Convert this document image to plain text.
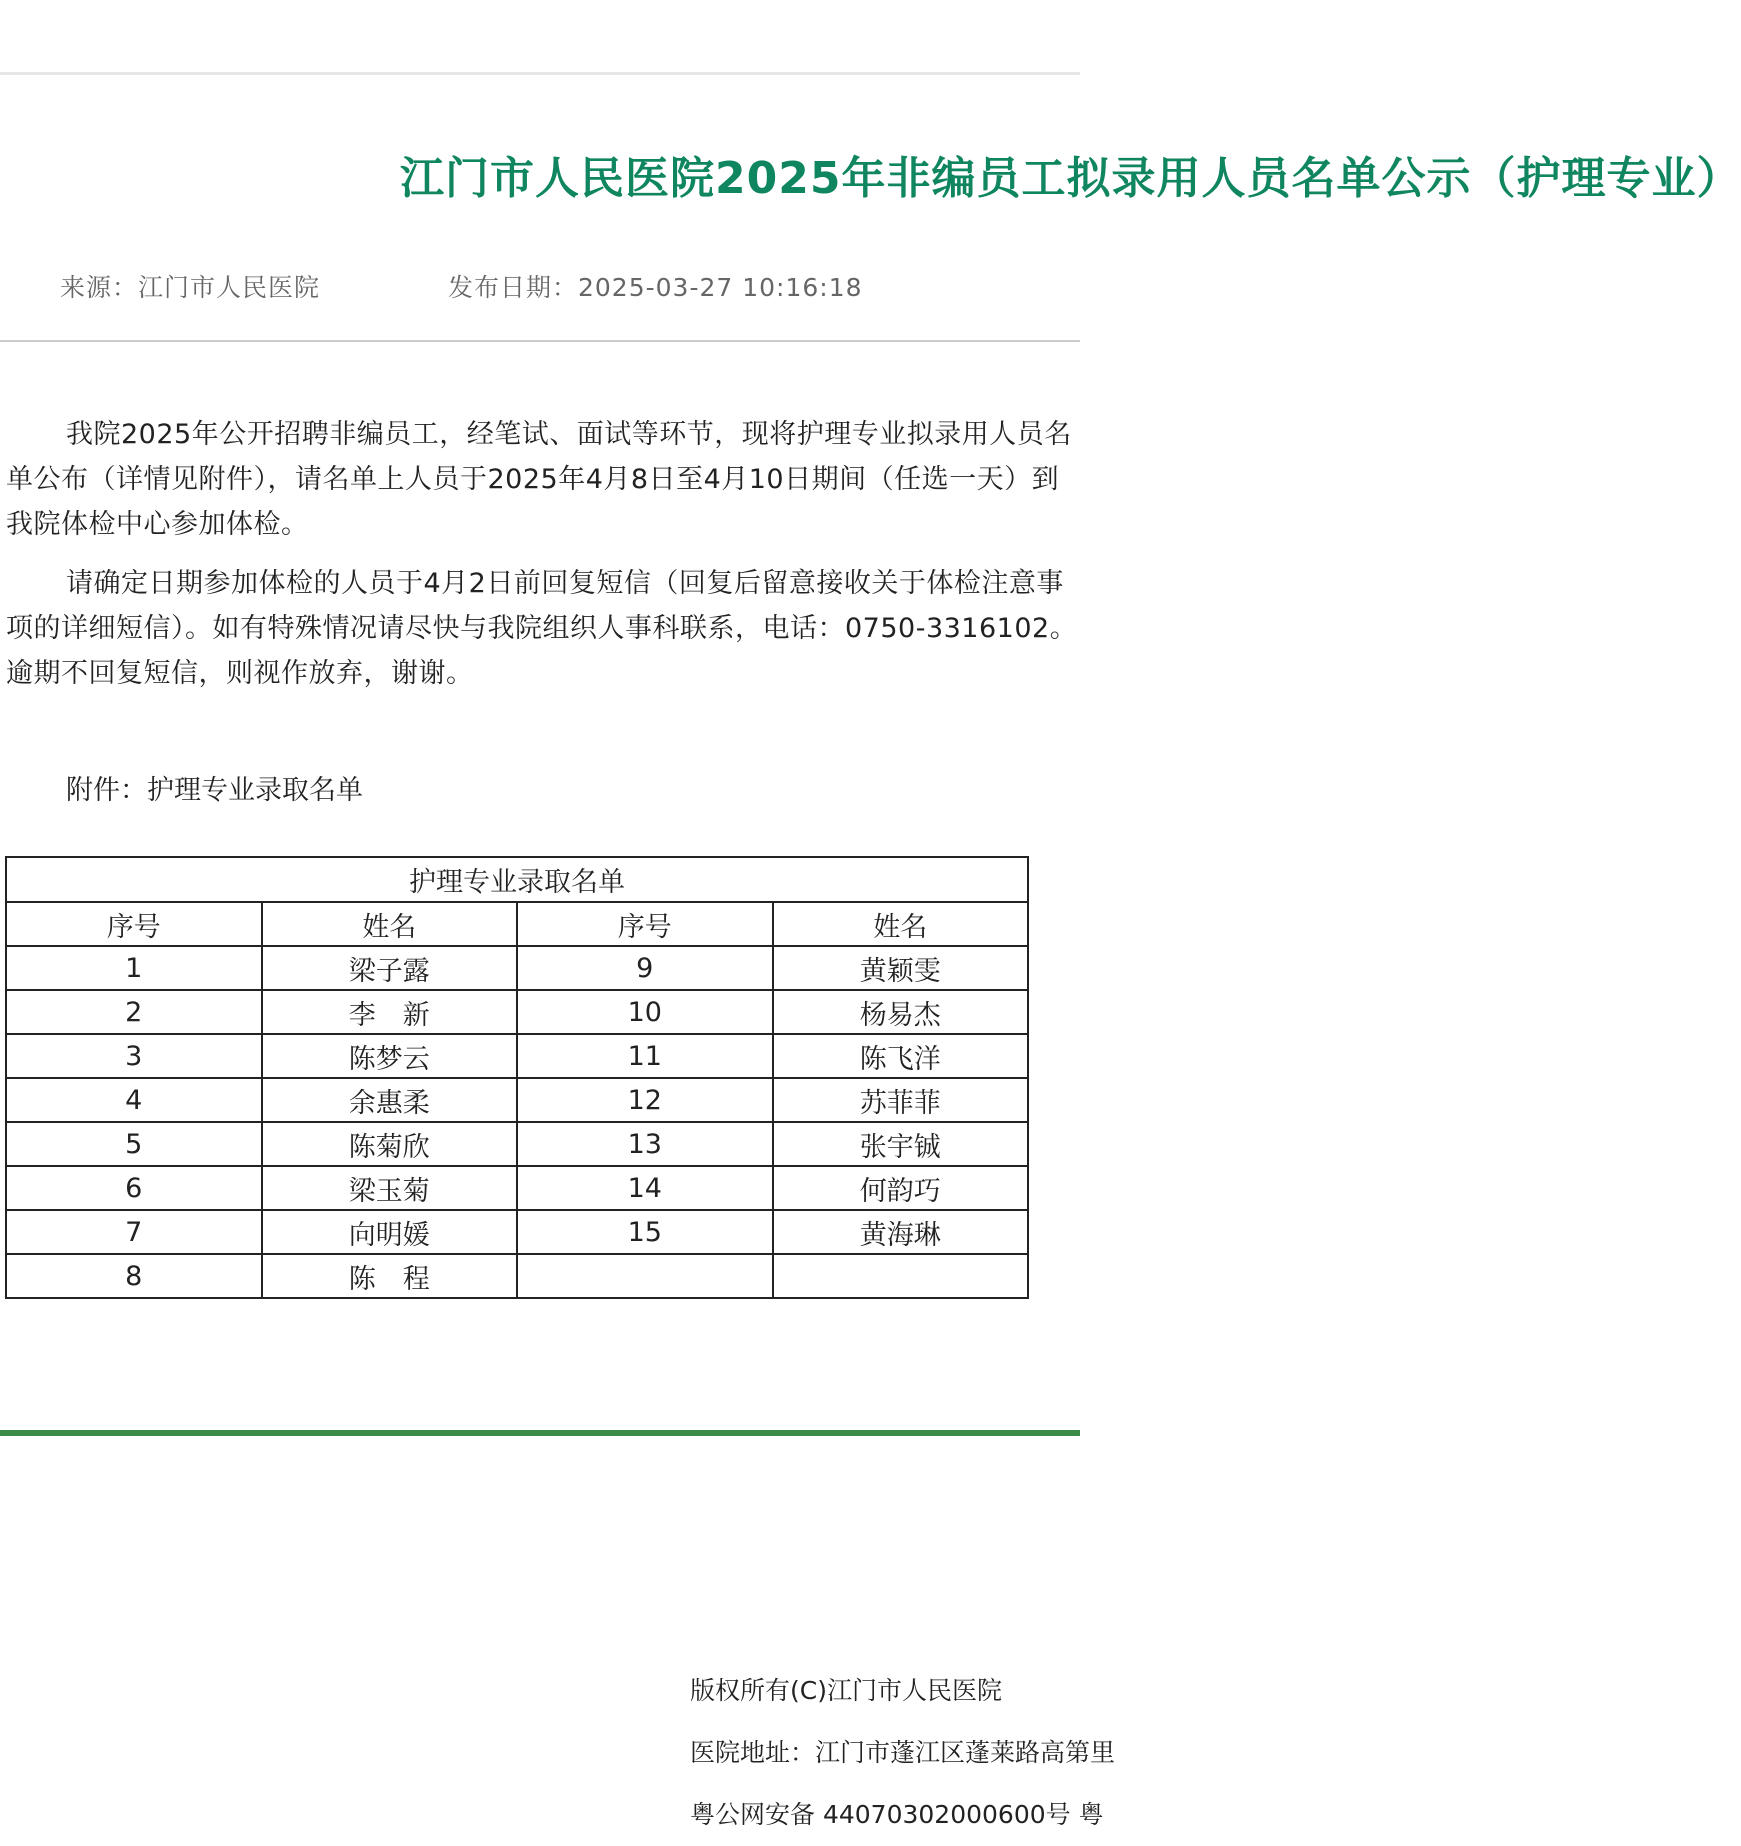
江门市人民医院2025年非编员工拟录用人员名单公示（护理专业）
来源：江门市人民医院	发布日期：2025-03-27 10:16:18

我院2025年公开招聘非编员工，经笔试、面试等环节，现将护理专业拟录用人员名单公布（详情见附件），请名单上人员于2025年4月8日至4月10日期间（任选一天）到我院体检中心参加体检。

请确定日期参加体检的人员于4月2日前回复短信（回复后留意接收关于体检注意事项的详细短信）。如有特殊情况请尽快与我院组织人事科联系，电话：0750-3316102。逾期不回复短信，则视作放弃，谢谢。

附件：护理专业录取名单
护理专业录取名单			
序号	姓名	序号	姓名
1	梁子露	9	黄颖雯
2	李　新	10	杨易杰
3	陈梦云	11	陈飞洋
4	余惠柔	12	苏菲菲
5	陈菊欣	13	张宇铖
6	梁玉菊	14	何韵巧
7	向明媛	15	黄海琳
8	陈　程		
版权所有(C)江门市人民医院
医院地址：江门市蓬江区蓬莱路高第里
粤公网安备 44070302000600号 粤
